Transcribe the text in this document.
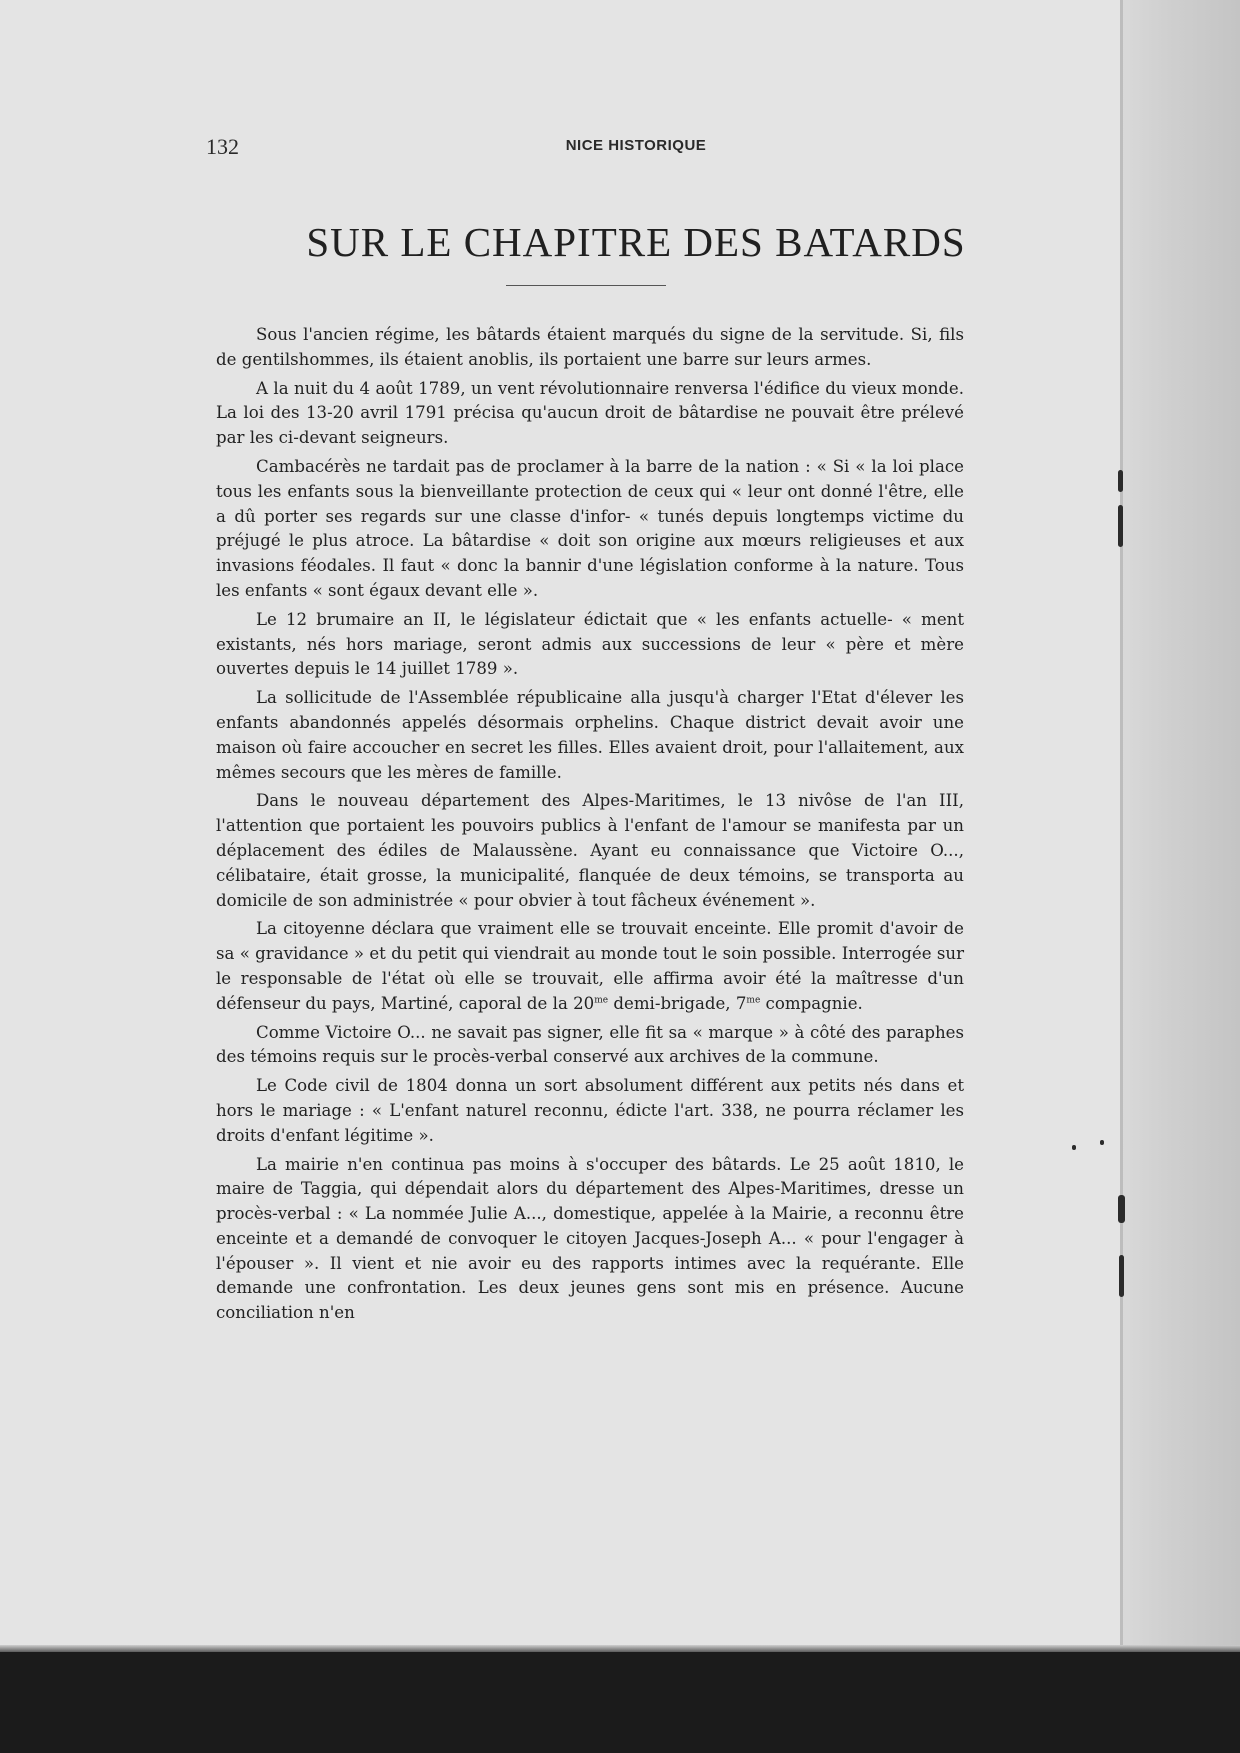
132	NICE HISTORIQUE
SUR LE CHAPITRE DES BATARDS

Sous l'ancien régime, les bâtards étaient marqués du signe de la servitude. Si, fils de gentilshommes, ils étaient anoblis, ils portaient une barre sur leurs armes.

A la nuit du 4 août 1789, un vent révolutionnaire renversa l'édifice du vieux monde. La loi des 13-20 avril 1791 précisa qu'aucun droit de bâtardise ne pouvait être prélevé par les ci-devant seigneurs.

Cambacérès ne tardait pas de proclamer à la barre de la nation : « Si « la loi place tous les enfants sous la bienveillante protection de ceux qui « leur ont donné l'être, elle a dû porter ses regards sur une classe d'infor- « tunés depuis longtemps victime du préjugé le plus atroce. La bâtardise « doit son origine aux mœurs religieuses et aux invasions féodales. Il faut « donc la bannir d'une législation conforme à la nature. Tous les enfants « sont égaux devant elle ».

Le 12 brumaire an II, le législateur édictait que « les enfants actuelle- « ment existants, nés hors mariage, seront admis aux successions de leur « père et mère ouvertes depuis le 14 juillet 1789 ».

La sollicitude de l'Assemblée républicaine alla jusqu'à charger l'Etat d'élever les enfants abandonnés appelés désormais orphelins. Chaque district devait avoir une maison où faire accoucher en secret les filles. Elles avaient droit, pour l'allaitement, aux mêmes secours que les mères de famille.

Dans le nouveau département des Alpes-Maritimes, le 13 nivôse de l'an III, l'attention que portaient les pouvoirs publics à l'enfant de l'amour se manifesta par un déplacement des édiles de Malaussène. Ayant eu connaissance que Victoire O..., célibataire, était grosse, la municipalité, flanquée de deux témoins, se transporta au domicile de son administrée « pour obvier à tout fâcheux événement ».

La citoyenne déclara que vraiment elle se trouvait enceinte. Elle promit d'avoir de sa « gravidance » et du petit qui viendrait au monde tout le soin possible. Interrogée sur le responsable de l'état où elle se trouvait, elle affirma avoir été la maîtresse d'un défenseur du pays, Martiné, caporal de la $20^{me}$ demi-brigade, $7^{me}$ compagnie.

Comme Victoire O... ne savait pas signer, elle fit sa « marque » à côté des paraphes des témoins requis sur le procès-verbal conservé aux archives de la commune.

Le Code civil de 1804 donna un sort absolument différent aux petits nés dans et hors le mariage : « L'enfant naturel reconnu, édicte l'art. 338, ne pourra réclamer les droits d'enfant légitime ».

La mairie n'en continua pas moins à s'occuper des bâtards. Le 25 août 1810, le maire de Taggia, qui dépendait alors du département des Alpes-Maritimes, dresse un procès-verbal : « La nommée Julie A..., domestique, appelée à la Mairie, a reconnu être enceinte et a demandé de convoquer le citoyen Jacques-Joseph A... « pour l'engager à l'épouser ». Il vient et nie avoir eu des rapports intimes avec la requérante. Elle demande une confrontation. Les deux jeunes gens sont mis en présence. Aucune conciliation n'en
